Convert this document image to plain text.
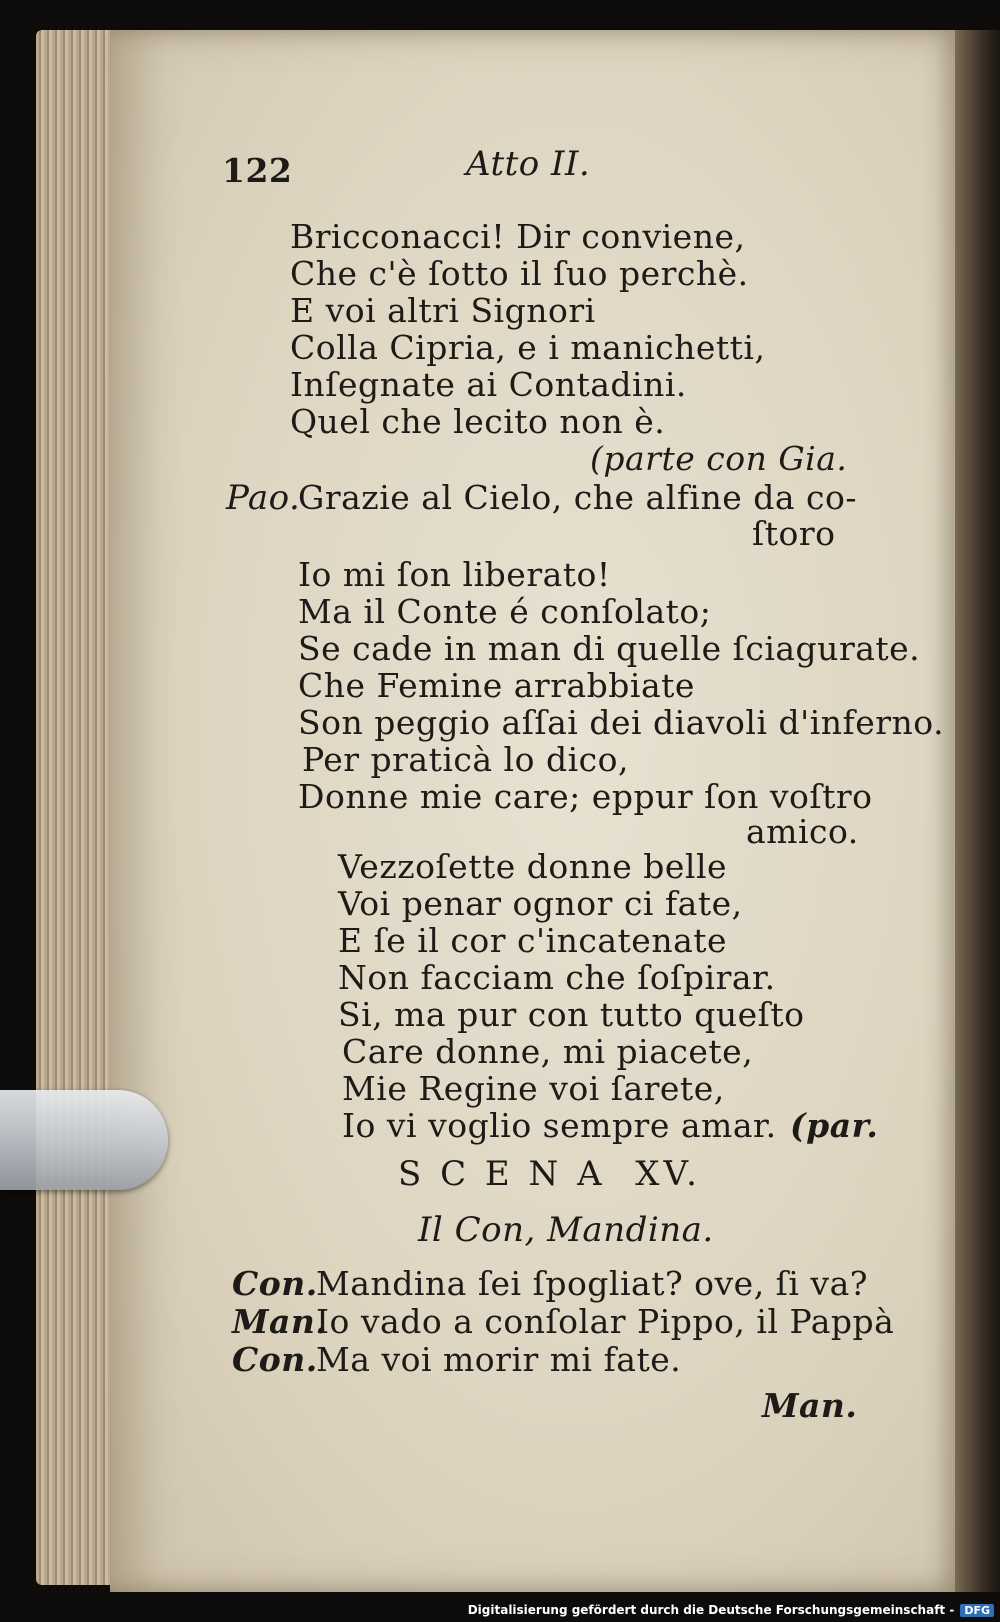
122	Atto II.
Bricconacci! Dir conviene,
Che c'è ſotto il ſuo perchè.
E voi altri Signori
Colla Cipria, e i manichetti,
Inſegnate ai Contadini.
Quel che lecito non è.
(parte con Gia.
Pao.
Grazie al Cielo, che alfine da co-
ſtoro
Io mi ſon liberato!
Ma il Conte é conſolato;
Se cade in man di quelle ſciagurate.
Che Femine arrabbiate
Son peggio aſſai dei diavoli d'inferno.
Per praticà lo dico,
Donne mie care; eppur ſon voſtro
amico.
Vezzoſette donne belle
Voi penar ognor ci fate,
E ſe il cor c'incatenate
Non facciam che ſoſpirar.
Si, ma pur con tutto queſto
Care donne, mi piacete,
Mie Regine voi ſarete,
Io vi voglio sempre amar. (par.
S C E N A  XV.
Il Con, Mandina.
Con.
Mandina ſei ſpogliat? ove, ſi va?
Man.
Io vado a conſolar Pippo, il Pappà
Con.
Ma voi morir mi fate.
Man.
Digitalisierung gefördert durch die Deutsche Forschungsgemeinschaft - DFG
